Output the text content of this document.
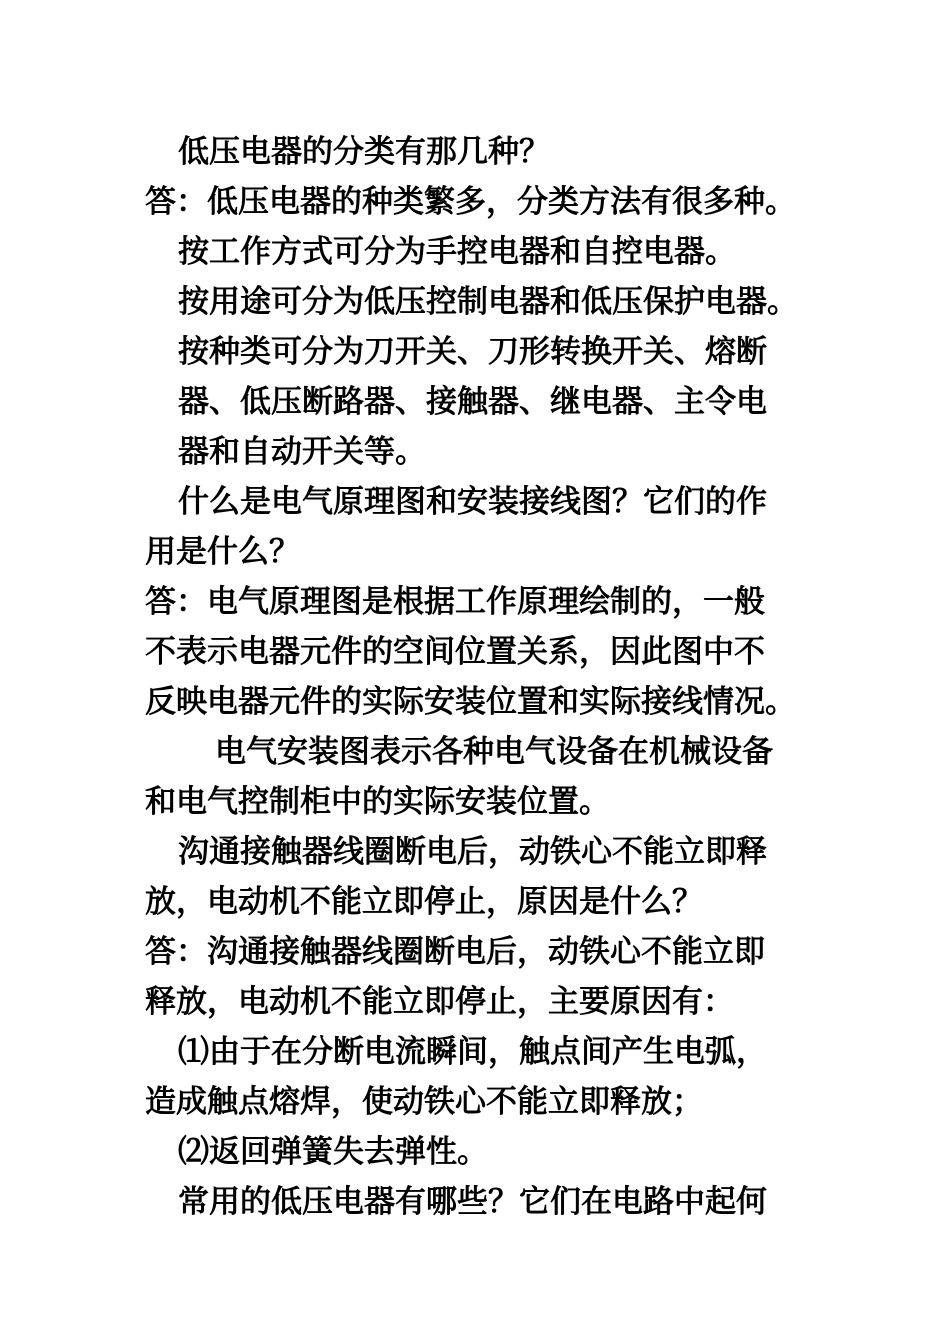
低压电器的分类有那几种？
答：低压电器的种类繁多，分类方法有很多种。
按工作方式可分为手控电器和自控电器。
按用途可分为低压控制电器和低压保护电器。
按种类可分为刀开关、刀形转换开关、熔断
器、低压断路器、接触器、继电器、主令电
器和自动开关等。
什么是电气原理图和安装接线图？它们的作
用是什么？
答：电气原理图是根据工作原理绘制的，一般
不表示电器元件的空间位置关系，因此图中不
反映电器元件的实际安装位置和实际接线情况。
电气安装图表示各种电气设备在机械设备
和电气控制柜中的实际安装位置。
沟通接触器线圈断电后，动铁心不能立即释
放，电动机不能立即停止，原因是什么？
答：沟通接触器线圈断电后，动铁心不能立即
释放，电动机不能立即停止，主要原因有：
⑴由于在分断电流瞬间，触点间产生电弧，
造成触点熔焊，使动铁心不能立即释放；
⑵返回弹簧失去弹性。
常用的低压电器有哪些？它们在电路中起何
